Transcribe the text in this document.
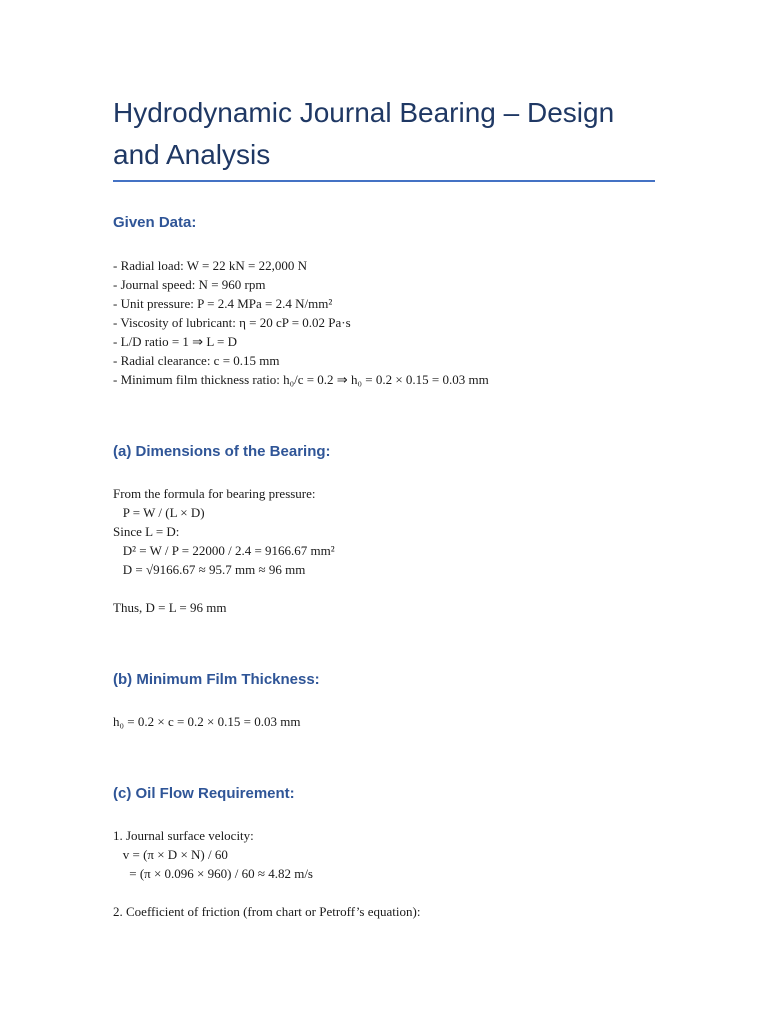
Hydrodynamic Journal Bearing – Design and Analysis
Given Data:

- Radial load: W = 22 kN = 22,000 N

- Journal speed: N = 960 rpm

- Unit pressure: P = 2.4 MPa = 2.4 N/mm²

- Viscosity of lubricant: η = 20 cP = 0.02 Pa·s

- L/D ratio = 1 ⇒ L = D

- Radial clearance: c = 0.15 mm

- Minimum film thickness ratio: h₀/c = 0.2 ⇒ h₀ = 0.2 × 0.15 = 0.03 mm

(a) Dimensions of the Bearing:

From the formula for bearing pressure:

P = W / (L × D)

Since L = D:

D² = W / P = 22000 / 2.4 = 9166.67 mm²

D = √9166.67 ≈ 95.7 mm ≈ 96 mm

Thus, D = L = 96 mm

(b) Minimum Film Thickness:

h₀ = 0.2 × c = 0.2 × 0.15 = 0.03 mm

(c) Oil Flow Requirement:

1. Journal surface velocity:

v = (π × D × N) / 60

= (π × 0.096 × 960) / 60 ≈ 4.82 m/s

2. Coefficient of friction (from chart or Petroff’s equation):
